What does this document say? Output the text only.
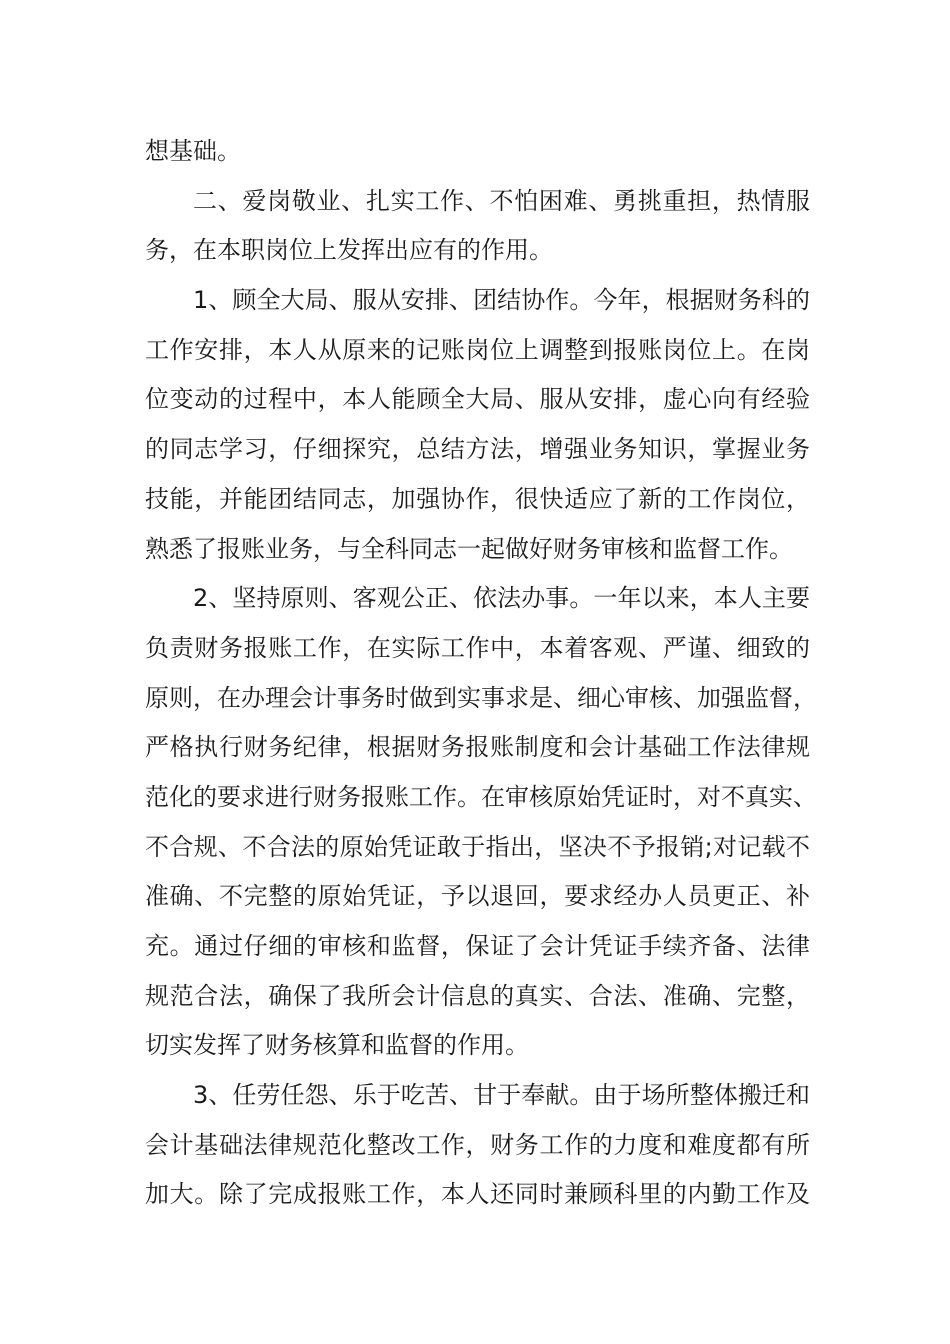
想基础。
二、爱岗敬业、扎实工作、不怕困难、勇挑重担，热情服
务，在本职岗位上发挥出应有的作用。
1、顾全大局、服从安排、团结协作。今年，根据财务科的
工作安排，本人从原来的记账岗位上调整到报账岗位上。在岗
位变动的过程中，本人能顾全大局、服从安排，虚心向有经验
的同志学习，仔细探究，总结方法，增强业务知识，掌握业务
技能，并能团结同志，加强协作，很快适应了新的工作岗位，
熟悉了报账业务，与全科同志一起做好财务审核和监督工作。
2、坚持原则、客观公正、依法办事。一年以来，本人主要
负责财务报账工作，在实际工作中，本着客观、严谨、细致的
原则，在办理会计事务时做到实事求是、细心审核、加强监督，
严格执行财务纪律，根据财务报账制度和会计基础工作法律规
范化的要求进行财务报账工作。在审核原始凭证时，对不真实、
不合规、不合法的原始凭证敢于指出，坚决不予报销;对记载不
准确、不完整的原始凭证，予以退回，要求经办人员更正、补
充。通过仔细的审核和监督，保证了会计凭证手续齐备、法律
规范合法，确保了我所会计信息的真实、合法、准确、完整，
切实发挥了财务核算和监督的作用。
3、任劳任怨、乐于吃苦、甘于奉献。由于场所整体搬迁和
会计基础法律规范化整改工作，财务工作的力度和难度都有所
加大。除了完成报账工作，本人还同时兼顾科里的内勤工作及
